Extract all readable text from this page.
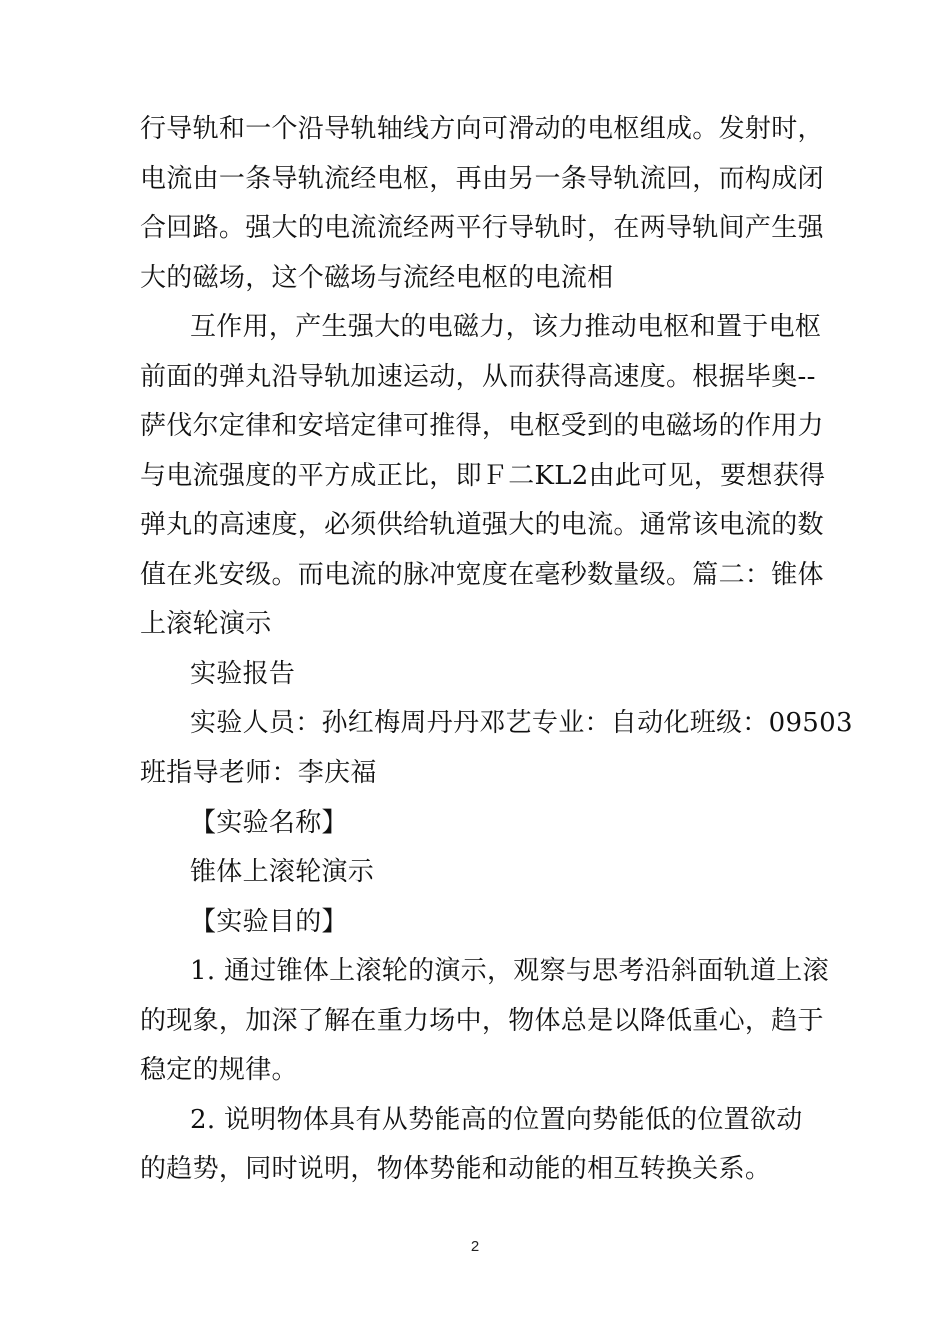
行导轨和一个沿导轨轴线方向可滑动的电枢组成。发射时，
电流由一条导轨流经电枢，再由另一条导轨流回，而构成闭
合回路。强大的电流流经两平行导轨时，在两导轨间产生强
大的磁场，这个磁场与流经电枢的电流相
互作用，产生强大的电磁力，该力推动电枢和置于电枢
前面的弹丸沿导轨加速运动，从而获得高速度。根据毕奥--
萨伐尔定律和安培定律可推得，电枢受到的电磁场的作用力
与电流强度的平方成正比，即Ｆ二KL2由此可见，要想获得
弹丸的高速度，必须供给轨道强大的电流。通常该电流的数
值在兆安级。而电流的脉冲宽度在毫秒数量级。篇二：锥体
上滚轮演示
实验报告
实验人员：孙红梅周丹丹邓艺专业：自动化班级：09503
班指导老师：李庆福
【实验名称】
锥体上滚轮演示
【实验目的】
1. 通过锥体上滚轮的演示，观察与思考沿斜面轨道上滚
的现象，加深了解在重力场中，物体总是以降低重心，趋于
稳定的规律。
2. 说明物体具有从势能高的位置向势能低的位置欲动
的趋势，同时说明，物体势能和动能的相互转换关系。
2
